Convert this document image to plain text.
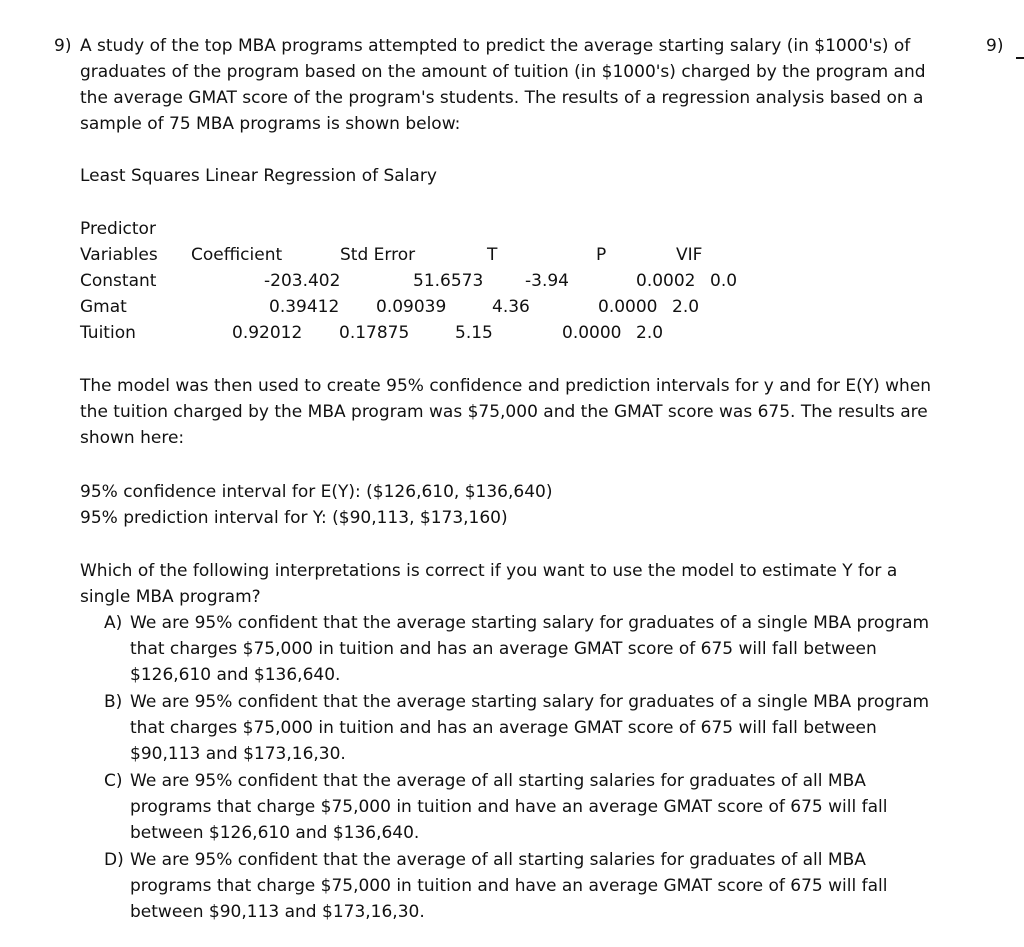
9)	9)
A study of the top MBA programs attempted to predict the average starting salary (in $1000's) of
graduates of the program based on the amount of tuition (in $1000's) charged by the program and
the average GMAT score of the program's students. The results of a regression analysis based on a
sample of 75 MBA programs is shown below:
Least Squares Linear Regression of Salary
Predictor
Variables Coefficient	Std Error	T	P	VIF
Constant	-203.402	51.6573 -3.94	0.0002 0.0
Gmat	0.39412 0.09039	4.36	0.0000 2.0
Tuition	0.92012 0.17875	5.15	0.0000 2.0
The model was then used to create 95% confidence and prediction intervals for y and for E(Y) when
the tuition charged by the MBA program was $75,000 and the GMAT score was 675. The results are
shown here:
95% confidence interval for E(Y): ($126,610, $136,640)
95% prediction interval for Y: ($90,113, $173,160)
Which of the following interpretations is correct if you want to use the model to estimate Y for a
single MBA program?
A) We are 95% confident that the average starting salary for graduates of a single MBA program
that charges $75,000 in tuition and has an average GMAT score of 675 will fall between
$126,610 and $136,640.
B) We are 95% confident that the average starting salary for graduates of a single MBA program
that charges $75,000 in tuition and has an average GMAT score of 675 will fall between
$90,113 and $173,16,30.
C) We are 95% confident that the average of all starting salaries for graduates of all MBA
programs that charge $75,000 in tuition and have an average GMAT score of 675 will fall
between $126,610 and $136,640.
D) We are 95% confident that the average of all starting salaries for graduates of all MBA
programs that charge $75,000 in tuition and have an average GMAT score of 675 will fall
between $90,113 and $173,16,30.
